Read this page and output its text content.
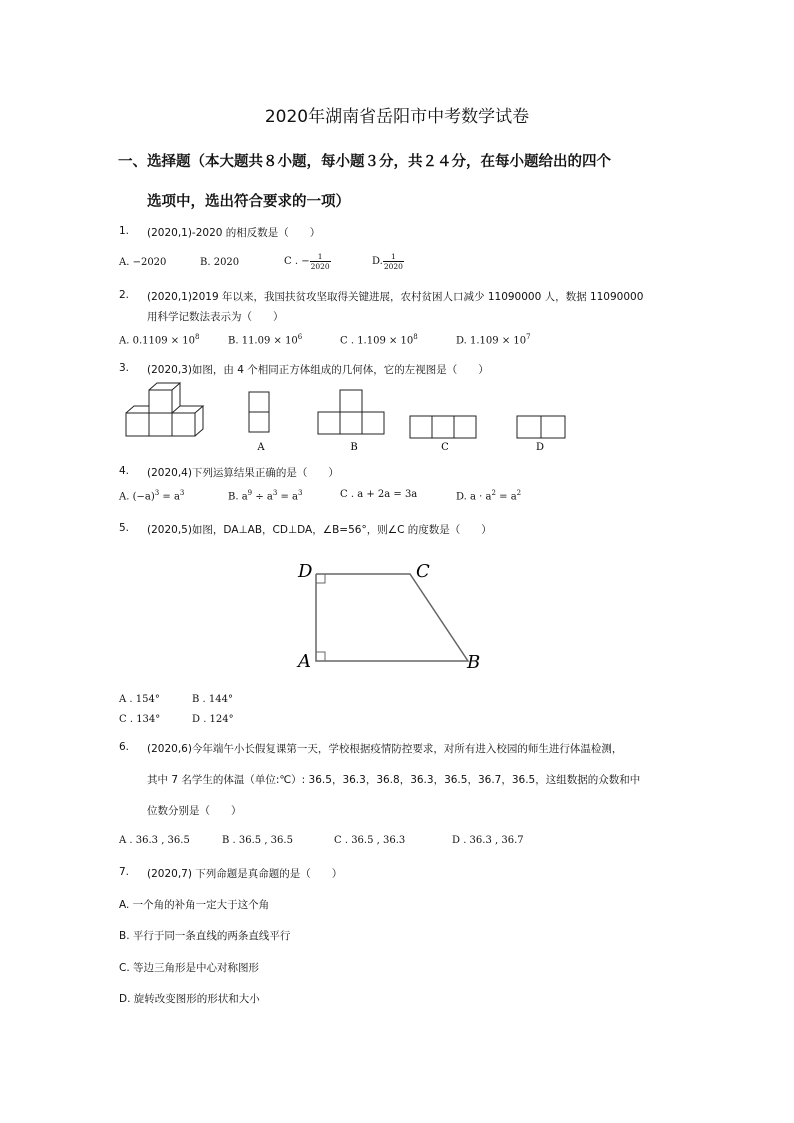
2020年湖南省岳阳市中考数学试卷
一、选择题（本大题共８小题，每小题３分，共２４分，在每小题给出的四个
选项中，选出符合要求的一项）
1. (2020,1)-2020 的相反数是（　　）
A. −2020	B. 2020	C . − $\frac{1}{2020}$	D. $\frac{1}{2020}$
2. (2020,1)2019 年以来，我国扶贫攻坚取得关键进展，农村贫困人口减少 11090000 人，数据 11090000
用科学记数法表示为（　　）
A. $0.1109 \times 10^8$	B. $11.09 \times 10^6$	C . $1.109 \times 10^8$	D. $1.109 \times 10^7$
3. (2020,3)如图，由 4 个相同正方体组成的几何体，它的左视图是（　　）
A	B	C	D
4. (2020,4)下列运算结果正确的是（　　）
A. $(-a)^3 = a^3$	B. $a^9 \div a^3 = a^3$	C . a + 2a = 3a	D. $a \cdot a^2 = a^2$
5. (2020,5)如图，DA⊥AB，CD⊥DA，∠B=56°，则∠C 的度数是（　　）
D	C
A	B
A . 154°	B . 144°
C . 134°	D . 124°
6. (2020,6)今年端午小长假复课第一天，学校根据疫情防控要求，对所有进入校园的师生进行体温检测，
其中 7 名学生的体温（单位:℃）: 36.5，36.3，36.8，36.3，36.5，36.7，36.5，这组数据的众数和中
位数分别是（　　）
A . 36.3 , 36.5	B . 36.5 , 36.5	C . 36.5 , 36.3	D . 36.3 , 36.7
7. (2020,7) 下列命题是真命题的是（　　）
A. 一个角的补角一定大于这个角
B. 平行于同一条直线的两条直线平行
C. 等边三角形是中心对称图形
D. 旋转改变图形的形状和大小
